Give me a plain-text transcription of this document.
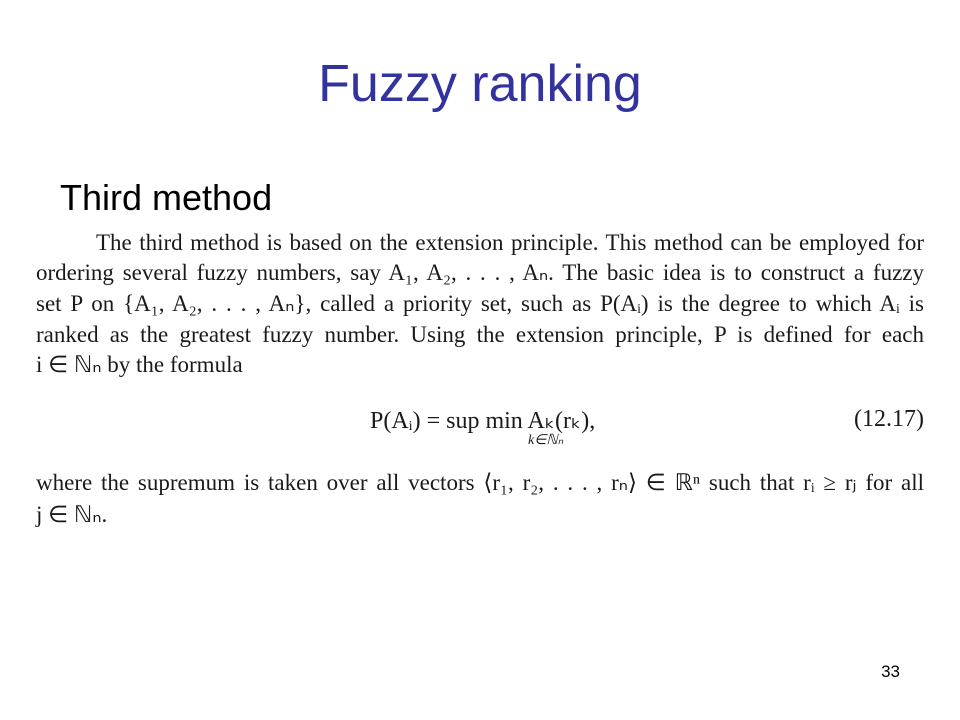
Fuzzy ranking
Third method
The third method is based on the extension principle. This method can be employed for
ordering several fuzzy numbers, say A₁, A₂, . . . , Aₙ. The basic idea is to construct a fuzzy
set P on {A₁, A₂, . . . , Aₙ}, called a priority set, such as P(Aᵢ) is the degree to which Aᵢ is
ranked as the greatest fuzzy number. Using the extension principle, P is defined for each
i ∈ ℕₙ by the formula
P(Aᵢ) = sup min Aₖ(rₖ),
k∈ℕₙ
(12.17)
where the supremum is taken over all vectors ⟨r₁, r₂, . . . , rₙ⟩ ∈ ℝⁿ such that rᵢ ≥ rⱼ for all
j ∈ ℕₙ.
33
